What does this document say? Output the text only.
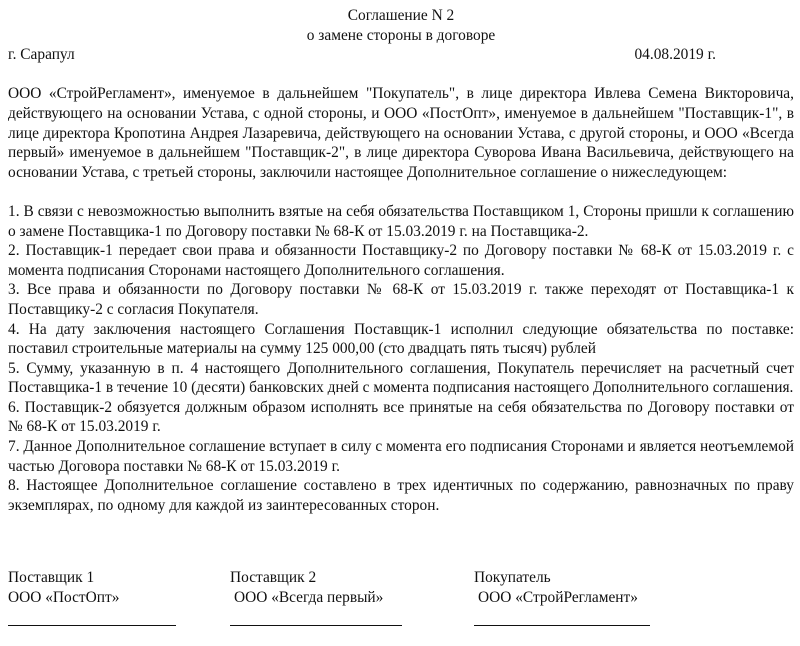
Соглашение N 2

о замене стороны в договоре

г. Сарапул	04.08.2019 г.

ООО «СтройРегламент», именуемое в дальнейшем "Покупатель", в лице директора Ивлева Семена Викторовича, действующего на основании Устава, с одной стороны, и ООО «ПостОпт», именуемое в дальнейшем "Поставщик-1", в лице директора Кропотина Андрея Лазаревича, действующего на основании Устава, с другой стороны, и ООО «Всегда первый» именуемое в дальнейшем "Поставщик-2", в лице директора Суворова Ивана Васильевича, действующего на основании Устава, с третьей стороны, заключили настоящее Дополнительное соглашение о нижеследующем:

1. В связи с невозможностью выполнить взятые на себя обязательства Поставщиком 1, Стороны пришли к соглашению о замене Поставщика-1 по Договору поставки № 68-К от 15.03.2019 г. на Поставщика-2.

2. Поставщик-1 передает свои права и обязанности Поставщику-2 по Договору поставки № 68-К от 15.03.2019 г. с момента подписания Сторонами настоящего Дополнительного соглашения.

3. Все права и обязанности по Договору поставки № 68-К от 15.03.2019 г. также переходят от Поставщика-1 к Поставщику-2 с согласия Покупателя.

4. На дату заключения настоящего Соглашения Поставщик-1 исполнил следующие обязательства по поставке: поставил строительные материалы на сумму 125 000,00 (сто двадцать пять тысяч) рублей

5. Сумму, указанную в п. 4 настоящего Дополнительного соглашения, Покупатель перечисляет на расчетный счет Поставщика-1 в течение 10 (десяти) банковских дней с момента подписания настоящего Дополнительного соглашения.

6. Поставщик-2 обязуется должным образом исполнять все принятые на себя обязательства по Договору поставки от № 68-К от 15.03.2019 г.

7. Данное Дополнительное соглашение вступает в силу с момента его подписания Сторонами и является неотъемлемой частью Договора поставки № 68-К от 15.03.2019 г.

8. Настоящее Дополнительное соглашение составлено в трех идентичных по содержанию, равнозначных по праву экземплярах, по одному для каждой из заинтересованных сторон.

Поставщик 1
ООО «ПостОпт»
Поставщик 2
ООО «Всегда первый»
Покупатель
ООО «СтройРегламент»
